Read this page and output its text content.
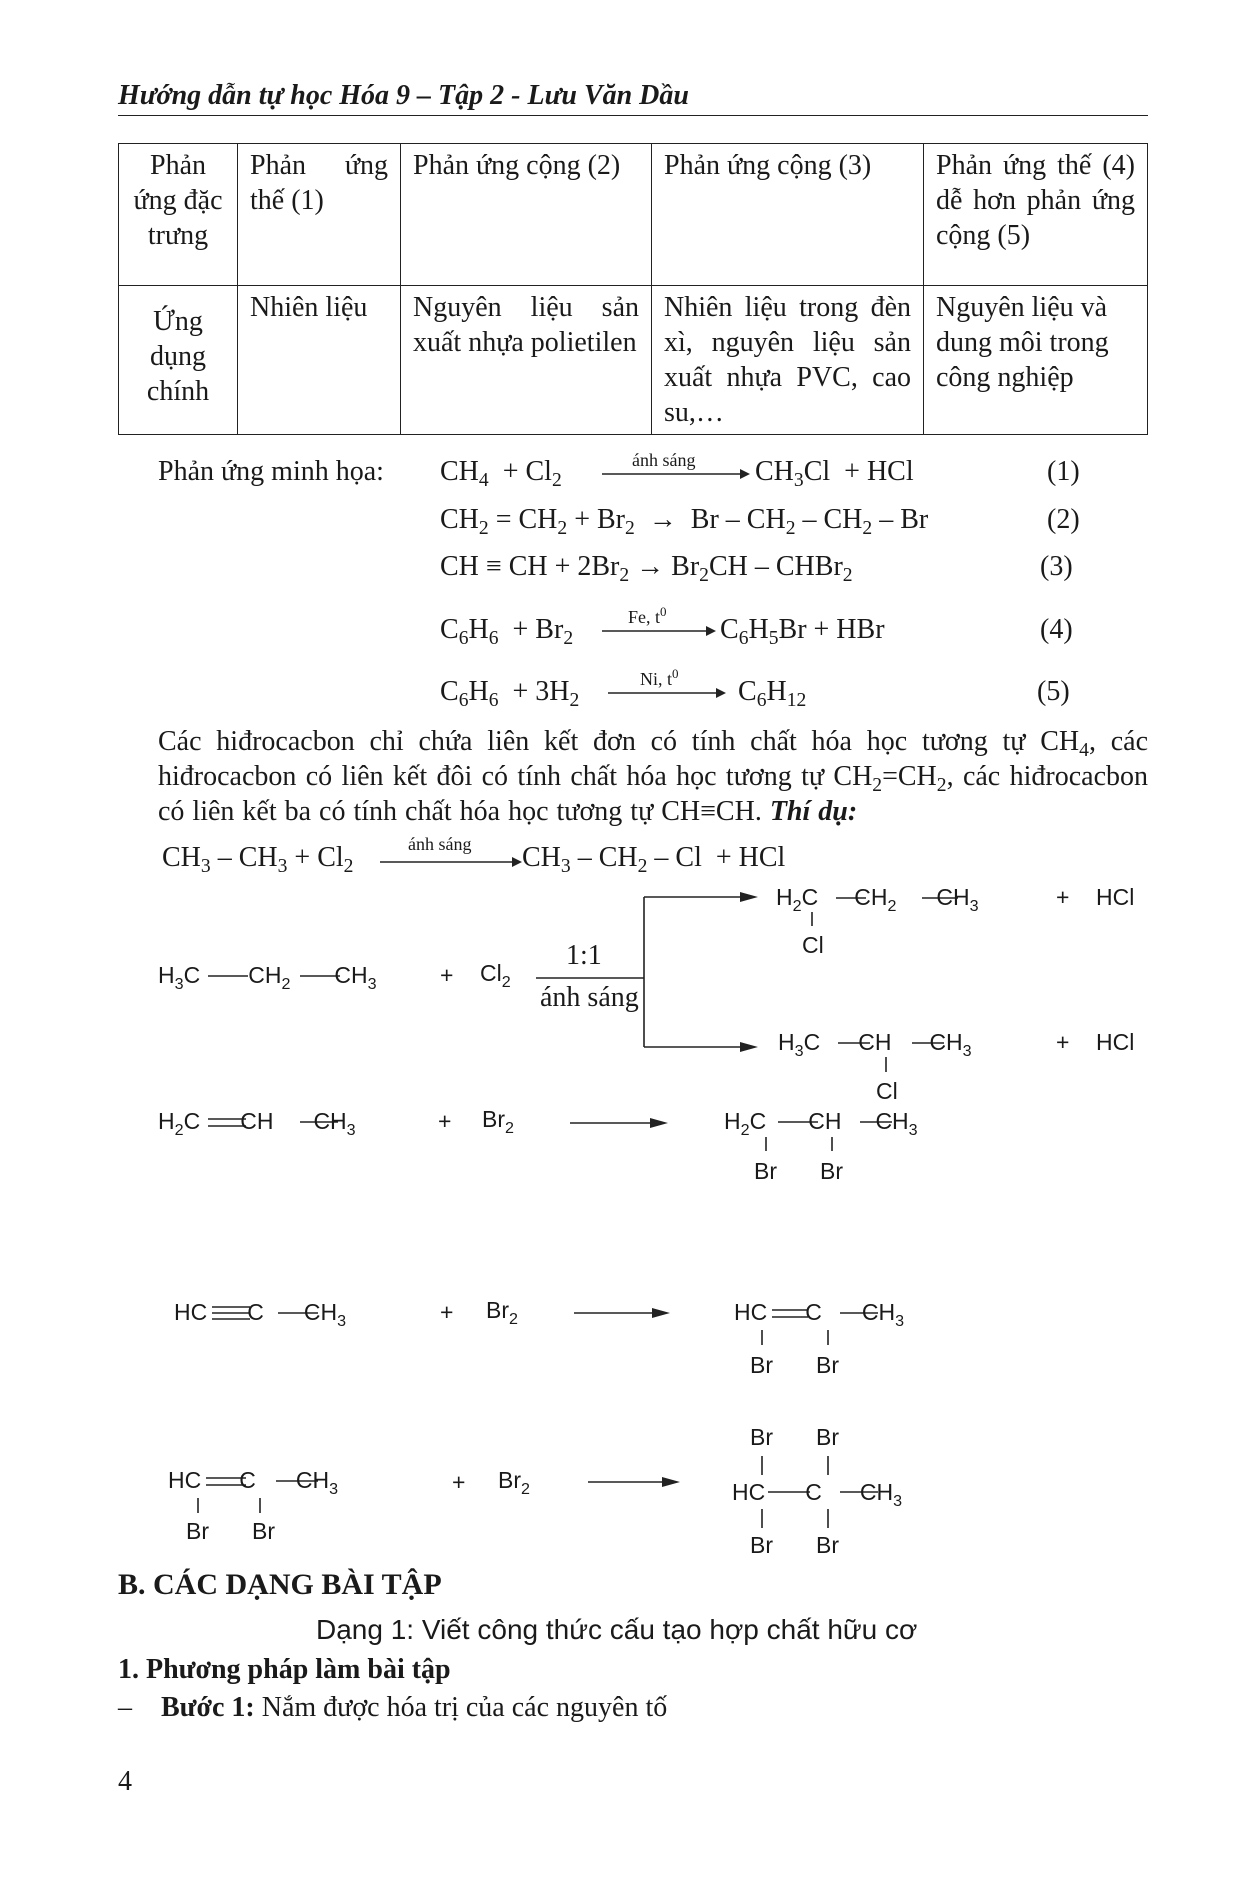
Hướng dẫn tự học Hóa 9 – Tập 2 - Lưu Văn Dầu
Phản ứng đặc trưng	Phản ứng thế (1)	Phản ứng cộng (2)	Phản ứng cộng (3)	Phản ứng thế (4) dễ hơn phản ứng cộng (5)
Ứng dụng chính	Nhiên liệu	Nguyên liệu sản xuất nhựa polietilen	Nhiên liệu trong đèn xì, nguyên liệu sản xuất nhựa PVC, cao su,…	Nguyên liệu và dung môi trong công nghiệp
Phản ứng minh họa: $CH_4 + Cl_2$
ánh sáng $CH_3Cl$  + HCl	(1)
$CH_2 = CH_2 + Br_2 \to Br - CH_2 - CH_2 - Br$	(2)
CH ≡ CH + $2Br_2 \to Br_2CH$ – CHBr$_2$	(3)
$C_6H_6 + Br_2$
Fe, $t^0$
$C_6H_5Br$ + HBr	(4)
$C_6H_6 + 3H_2$
Ni, $t^0$
$C_6H_{12}$	(5)
Các hiđrocacbon chỉ chứa liên kết đơn có tính chất hóa học tương tự $CH_4$, các hiđrocacbon có liên kết đôi có tính chất hóa học tương tự $CH_2=CH_2$, các hiđrocacbon có liên kết ba có tính chất hóa học tương tự CH≡CH. Thí dụ:
$CH_3 - CH_3 + Cl_2$
ánh sáng $CH_3 - CH_2$ – Cl  + HCl
$H_3C$ $CH_2$ $CH_3$	+ $Cl_2$
1:1
ánh sáng
$H_2C$ $CH_2$ $CH_3$
Cl
+ HCl
$H_3C$ CH $CH_3$
Cl
+ HCl
$H_2C$ CH $CH_3$	+ $Br_2$	$H_2C$ CH $CH_3$
Br Br
HC C $CH_3$	+ $Br_2$	HC C $CH_3$
Br Br
HC C $CH_3$
Br Br
+ $Br_2$
Br Br
HC C $CH_3$
Br Br
B. CÁC DẠNG BÀI TẬP
Dạng 1: Viết công thức cấu tạo hợp chất hữu cơ
1. Phương pháp làm bài tập
– Bước 1: Nắm được hóa trị của các nguyên tố
4
